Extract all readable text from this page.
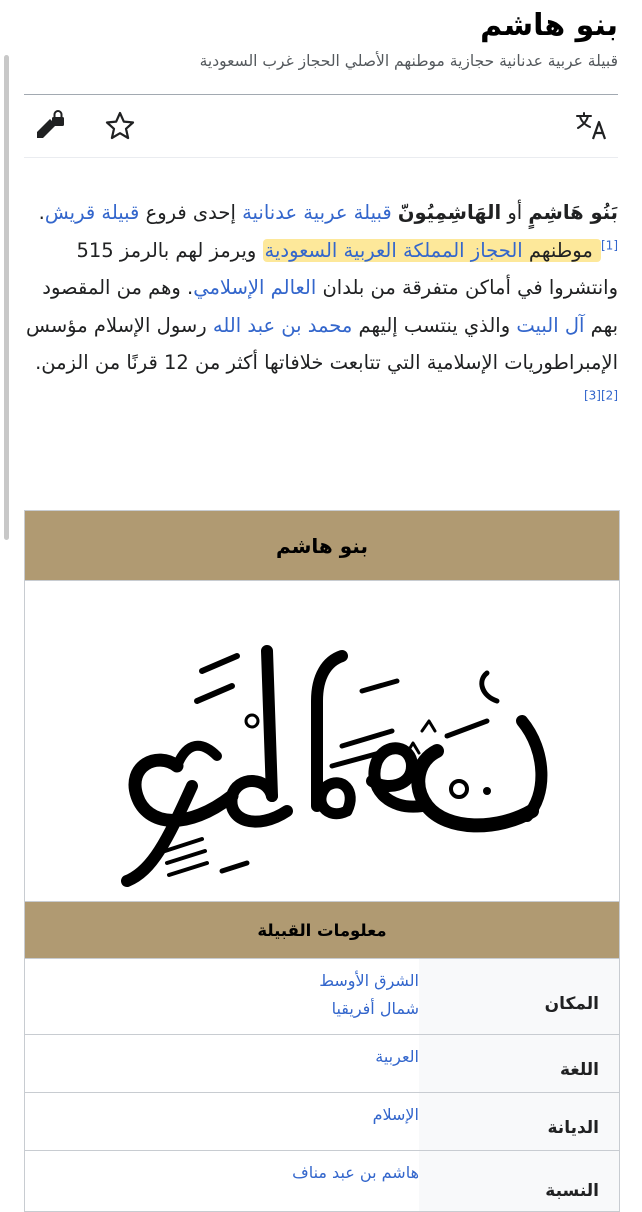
بنو هاشم
قبيلة عربية عدنانية حجازية موطنهم الأصلي الحجاز غرب السعودية

بَنُو هَاشِمٍ أو الهَاشِمِيُونّ قبيلة عربية عدنانية إحدى فروع قبيلة قريش.[1] موطنهم الحجاز المملكة العربية السعودية ويرمز لهم بالرمز 515 وانتشروا في أماكن متفرقة من بلدان العالم الإسلامي. وهم من المقصود بهم آل البيت والذي ينتسب إليهم محمد بن عبد الله رسول الإسلام مؤسس الإمبراطوريات الإسلامية التي تتابعت خلافاتها أكثر من 12 قرنًا من الزمن.[2][3]

بنو هاشم
معلومات القبيلة
المكان
الشرق الأوسط
شمال أفريقيا
اللغة
العربية
الديانة
الإسلام
النسبة
هاشم بن عبد مناف
